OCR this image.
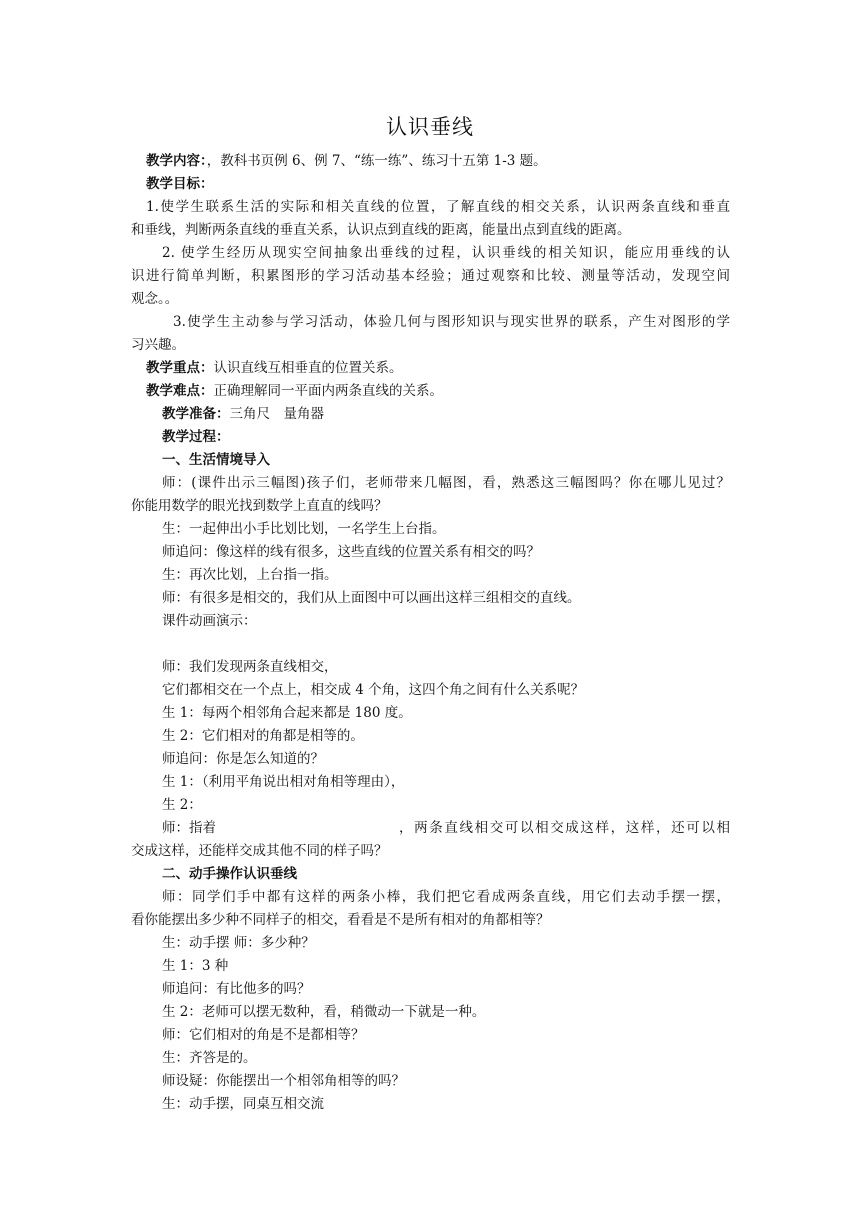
认识垂线
教学内容：，教科书页例 6、例 7、“练一练”、练习十五第 1-3 题。
教学目标：
1.使学生联系生活的实际和相关直线的位置，了解直线的相交关系，认识两条直线和垂直
和垂线，判断两条直线的垂直关系，认识点到直线的距离，能量出点到直线的距离。
2. 使学生经历从现实空间抽象出垂线的过程，认识垂线的相关知识，能应用垂线的认
识进行简单判断，积累图形的学习活动基本经验；通过观察和比较、测量等活动，发现空间
观念。。
3.使学生主动参与学习活动，体验几何与图形知识与现实世界的联系，产生对图形的学
习兴趣。
教学重点：认识直线互相垂直的位置关系。
教学难点：正确理解同一平面内两条直线的关系。
教学准备：三角尺　量角器
教学过程：
一、生活情境导入
师：(课件出示三幅图)孩子们，老师带来几幅图，看，熟悉这三幅图吗？你在哪儿见过？
你能用数学的眼光找到数学上直直的线吗？
生：一起伸出小手比划比划，一名学生上台指。
师追问：像这样的线有很多，这些直线的位置关系有相交的吗？
生：再次比划，上台指一指。
师：有很多是相交的，我们从上面图中可以画出这样三组相交的直线。
课件动画演示：
师：我们发现两条直线相交，
它们都相交在一个点上，相交成 4 个角，这四个角之间有什么关系呢？
生 1：每两个相邻角合起来都是 180 度。
生 2：它们相对的角都是相等的。
师追问：你是怎么知道的？
生 1：（利用平角说出相对角相等理由），
生 2：
师：指着	，两条直线相交可以相交成这样，这样，还可以相
交成这样，还能样交成其他不同的样子吗？
二、动手操作认识垂线
师：同学们手中都有这样的两条小棒，我们把它看成两条直线，用它们去动手摆一摆，
看你能摆出多少种不同样子的相交，看看是不是所有相对的角都相等？
生：动手摆 师：多少种？
生 1：3 种
师追问：有比他多的吗？
生 2：老师可以摆无数种，看，稍微动一下就是一种。
师：它们相对的角是不是都相等？
生：齐答是的。
师设疑：你能摆出一个相邻角相等的吗？
生：动手摆，同桌互相交流
